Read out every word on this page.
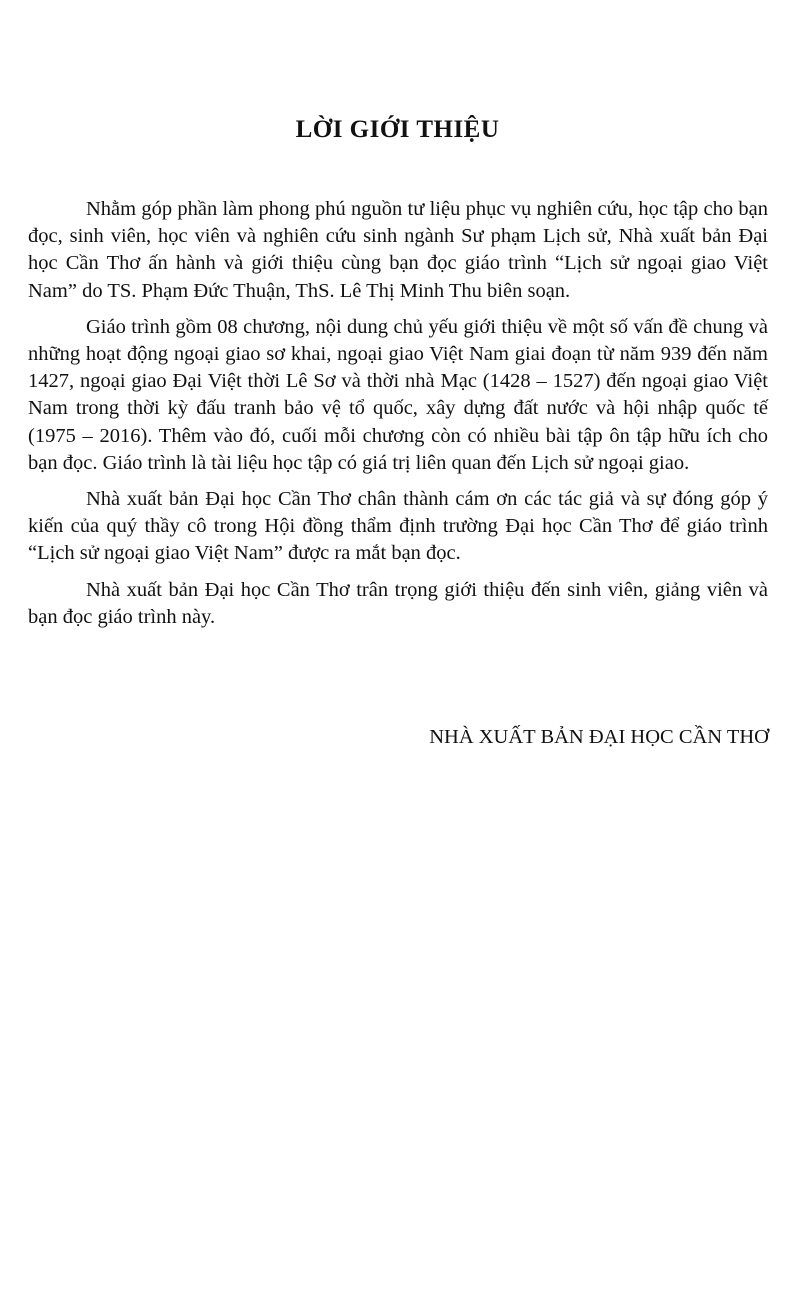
LỜI GIỚI THIỆU

Nhằm góp phần làm phong phú nguồn tư liệu phục vụ nghiên cứu, học tập cho bạn đọc, sinh viên, học viên và nghiên cứu sinh ngành Sư phạm Lịch sử, Nhà xuất bản Đại học Cần Thơ ấn hành và giới thiệu cùng bạn đọc giáo trình “Lịch sử ngoại giao Việt Nam” do TS. Phạm Đức Thuận, ThS. Lê Thị Minh Thu biên soạn.

Giáo trình gồm 08 chương, nội dung chủ yếu giới thiệu về một số vấn đề chung và những hoạt động ngoại giao sơ khai, ngoại giao Việt Nam giai đoạn từ năm 939 đến năm 1427, ngoại giao Đại Việt thời Lê Sơ và thời nhà Mạc (1428 – 1527) đến ngoại giao Việt Nam trong thời kỳ đấu tranh bảo vệ tổ quốc, xây dựng đất nước và hội nhập quốc tế (1975 – 2016). Thêm vào đó, cuối mỗi chương còn có nhiều bài tập ôn tập hữu ích cho bạn đọc. Giáo trình là tài liệu học tập có giá trị liên quan đến Lịch sử ngoại giao.

Nhà xuất bản Đại học Cần Thơ chân thành cám ơn các tác giả và sự đóng góp ý kiến của quý thầy cô trong Hội đồng thẩm định trường Đại học Cần Thơ để giáo trình “Lịch sử ngoại giao Việt Nam” được ra mắt bạn đọc.

Nhà xuất bản Đại học Cần Thơ trân trọng giới thiệu đến sinh viên, giảng viên và bạn đọc giáo trình này.

NHÀ XUẤT BẢN ĐẠI HỌC CẦN THƠ
